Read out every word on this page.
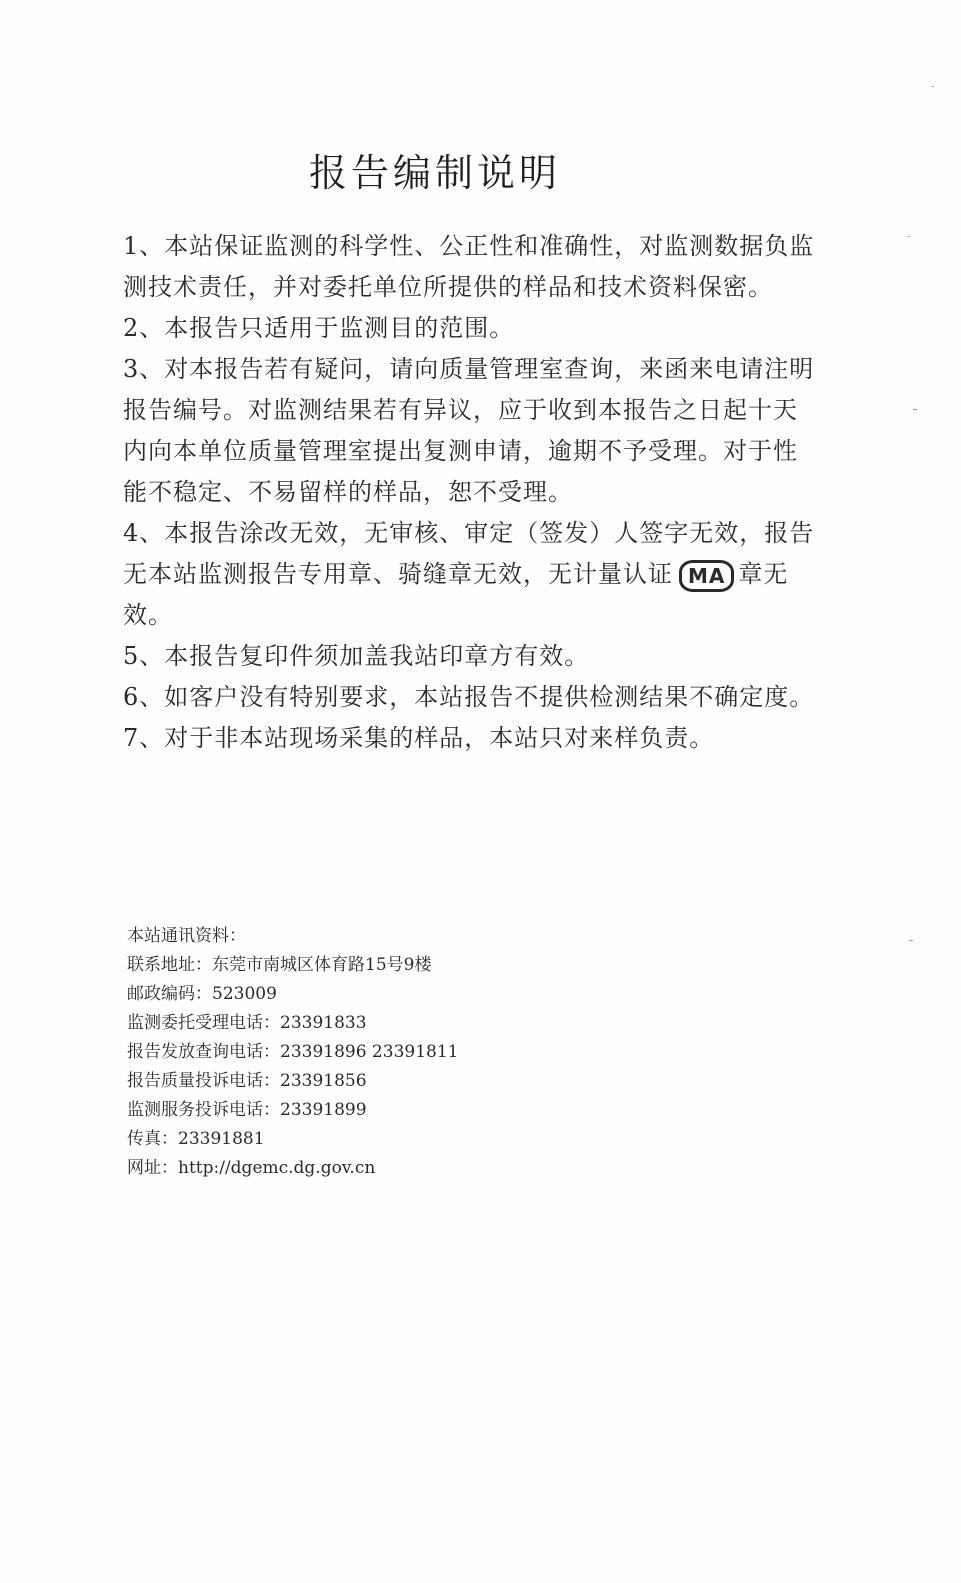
报告编制说明
1、本站保证监测的科学性、公正性和准确性，对监测数据负监
测技术责任，并对委托单位所提供的样品和技术资料保密。
2、本报告只适用于监测目的范围。
3、对本报告若有疑问，请向质量管理室查询，来函来电请注明
报告编号。对监测结果若有异议，应于收到本报告之日起十天
内向本单位质量管理室提出复测申请，逾期不予受理。对于性
能不稳定、不易留样的样品，恕不受理。
4、本报告涂改无效，无审核、审定（签发）人签字无效，报告
无本站监测报告专用章、骑缝章无效，无计量认证 MA 章无
效。
5、本报告复印件须加盖我站印章方有效。
6、如客户没有特别要求，本站报告不提供检测结果不确定度。
7、对于非本站现场采集的样品，本站只对来样负责。
本站通讯资料：
联系地址：东莞市南城区体育路15号9楼
邮政编码：523009
监测委托受理电话：23391833
报告发放查询电话：23391896 23391811
报告质量投诉电话：23391856
监测服务投诉电话：23391899
传真：23391881
网址：http://dgemc.dg.gov.cn
